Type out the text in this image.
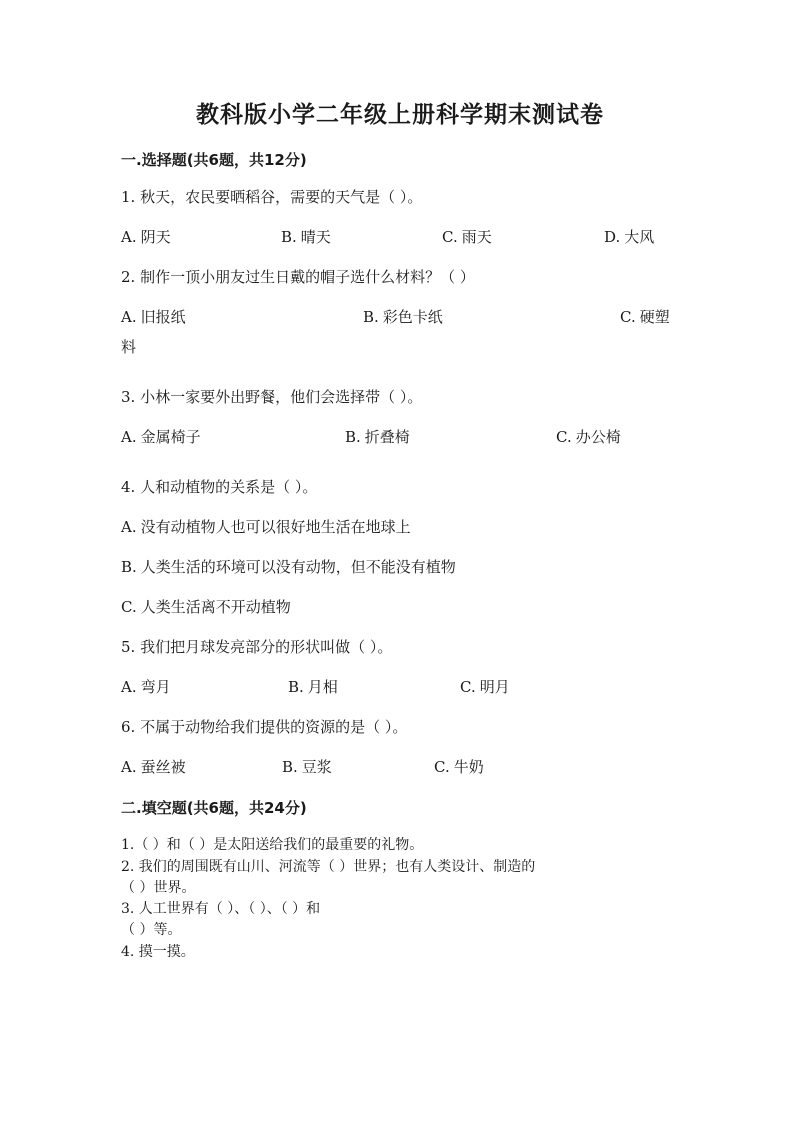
教科版小学二年级上册科学期末测试卷
一.选择题(共6题，共12分)
1. 秋天，农民要晒稻谷，需要的天气是（ ）。
A. 阴天	B. 晴天	C. 雨天	D. 大风
2. 制作一顶小朋友过生日戴的帽子选什么材料？（ ）
A. 旧报纸	B. 彩色卡纸	C. 硬塑
料
3. 小林一家要外出野餐，他们会选择带（ ）。
A. 金属椅子	B. 折叠椅	C. 办公椅
4. 人和动植物的关系是（ ）。
A. 没有动植物人也可以很好地生活在地球上
B. 人类生活的环境可以没有动物，但不能没有植物
C. 人类生活离不开动植物
5. 我们把月球发亮部分的形状叫做（ ）。
A. 弯月	B. 月相	C. 明月
6. 不属于动物给我们提供的资源的是（ ）。
A. 蚕丝被	B. 豆浆	C. 牛奶
二.填空题(共6题，共24分)
1.（ ）和（ ）是太阳送给我们的最重要的礼物。
2. 我们的周围既有山川、河流等（ ）世界；也有人类设计、制造的
（ ）世界。
3. 人工世界有（ ）、（ ）、（ ）和
（ ）等。
4. 摸一摸。
